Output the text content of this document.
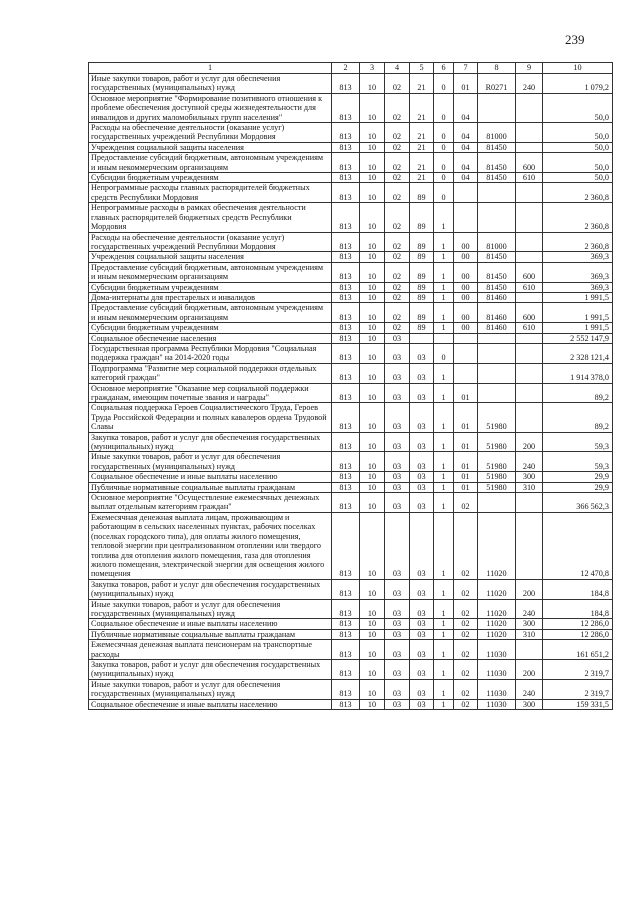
239
1	2	3	4	5	6	7	8	9	10
Иные закупки товаров, работ и услуг для обеспечения государственных (муниципальных) нужд	813	10	02	21	0	01	R0271	240	1 079,2
Основное мероприятие "Формирование позитивного отношения к проблеме обеспечения доступной среды жизнедеятельности для инвалидов и других маломобильных групп населения"	813	10	02	21	0	04			50,0
Расходы на обеспечение деятельности (оказание услуг) государственных учреждений Республики Мордовия	813	10	02	21	0	04	81000		50,0
Учреждения социальной защиты населения	813	10	02	21	0	04	81450		50,0
Предоставление субсидий бюджетным, автономным учреждениям и иным некоммерческим организациям	813	10	02	21	0	04	81450	600	50,0
Субсидии бюджетным учреждениям	813	10	02	21	0	04	81450	610	50,0
Непрограммные расходы главных распорядителей бюджетных средств Республики Мордовия	813	10	02	89	0				2 360,8
Непрограммные расходы в рамках обеспечения деятельности главных распорядителей бюджетных средств Республики Мордовия	813	10	02	89	1				2 360,8
Расходы на обеспечение деятельности (оказание услуг) государственных учреждений Республики Мордовия	813	10	02	89	1	00	81000		2 360,8
Учреждения социальной защиты населения	813	10	02	89	1	00	81450		369,3
Предоставление субсидий бюджетным, автономным учреждениям и иным некоммерческим организациям	813	10	02	89	1	00	81450	600	369,3
Субсидии бюджетным учреждениям	813	10	02	89	1	00	81450	610	369,3
Дома-интернаты для престарелых и инвалидов	813	10	02	89	1	00	81460		1 991,5
Предоставление субсидий бюджетным, автономным учреждениям и иным некоммерческим организациям	813	10	02	89	1	00	81460	600	1 991,5
Субсидии бюджетным учреждениям	813	10	02	89	1	00	81460	610	1 991,5
Социальное обеспечение населения	813	10	03						2 552 147,9
Государственная программа Республики Мордовия "Социальная поддержка граждан" на 2014-2020 годы	813	10	03	03	0				2 328 121,4
Подпрограмма "Развитие мер социальной поддержки отдельных категорий граждан"	813	10	03	03	1				1 914 378,0
Основное мероприятие "Оказание мер социальной поддержки гражданам, имеющим почетные звания и награды"	813	10	03	03	1	01			89,2
Социальная поддержка Героев Социалистического Труда, Героев Труда Российской Федерации и полных кавалеров ордена Трудовой Славы	813	10	03	03	1	01	51980		89,2
Закупка товаров, работ и услуг для обеспечения государственных (муниципальных) нужд	813	10	03	03	1	01	51980	200	59,3
Иные закупки товаров, работ и услуг для обеспечения государственных (муниципальных) нужд	813	10	03	03	1	01	51980	240	59,3
Социальное обеспечение и иные выплаты населению	813	10	03	03	1	01	51980	300	29,9
Публичные нормативные социальные выплаты гражданам	813	10	03	03	1	01	51980	310	29,9
Основное мероприятие "Осуществление ежемесячных денежных выплат отдельным категориям граждан"	813	10	03	03	1	02			366 562,3
Ежемесячная денежная выплата лицам, проживающим и работающим в сельских населенных пунктах, рабочих поселках (поселках городского типа), для оплаты жилого помещения, тепловой энергии при централизованном отоплении или твердого топлива для отопления жилого помещения, газа для отопления жилого помещения, электрической энергии для освещения жилого помещения	813	10	03	03	1	02	11020		12 470,8
Закупка товаров, работ и услуг для обеспечения государственных (муниципальных) нужд	813	10	03	03	1	02	11020	200	184,8
Иные закупки товаров, работ и услуг для обеспечения государственных (муниципальных) нужд	813	10	03	03	1	02	11020	240	184,8
Социальное обеспечение и иные выплаты населению	813	10	03	03	1	02	11020	300	12 286,0
Публичные нормативные социальные выплаты гражданам	813	10	03	03	1	02	11020	310	12 286,0
Ежемесячная денежная выплата пенсионерам на транспортные расходы	813	10	03	03	1	02	11030		161 651,2
Закупка товаров, работ и услуг для обеспечения государственных (муниципальных) нужд	813	10	03	03	1	02	11030	200	2 319,7
Иные закупки товаров, работ и услуг для обеспечения государственных (муниципальных) нужд	813	10	03	03	1	02	11030	240	2 319,7
Социальное обеспечение и иные выплаты населению	813	10	03	03	1	02	11030	300	159 331,5
